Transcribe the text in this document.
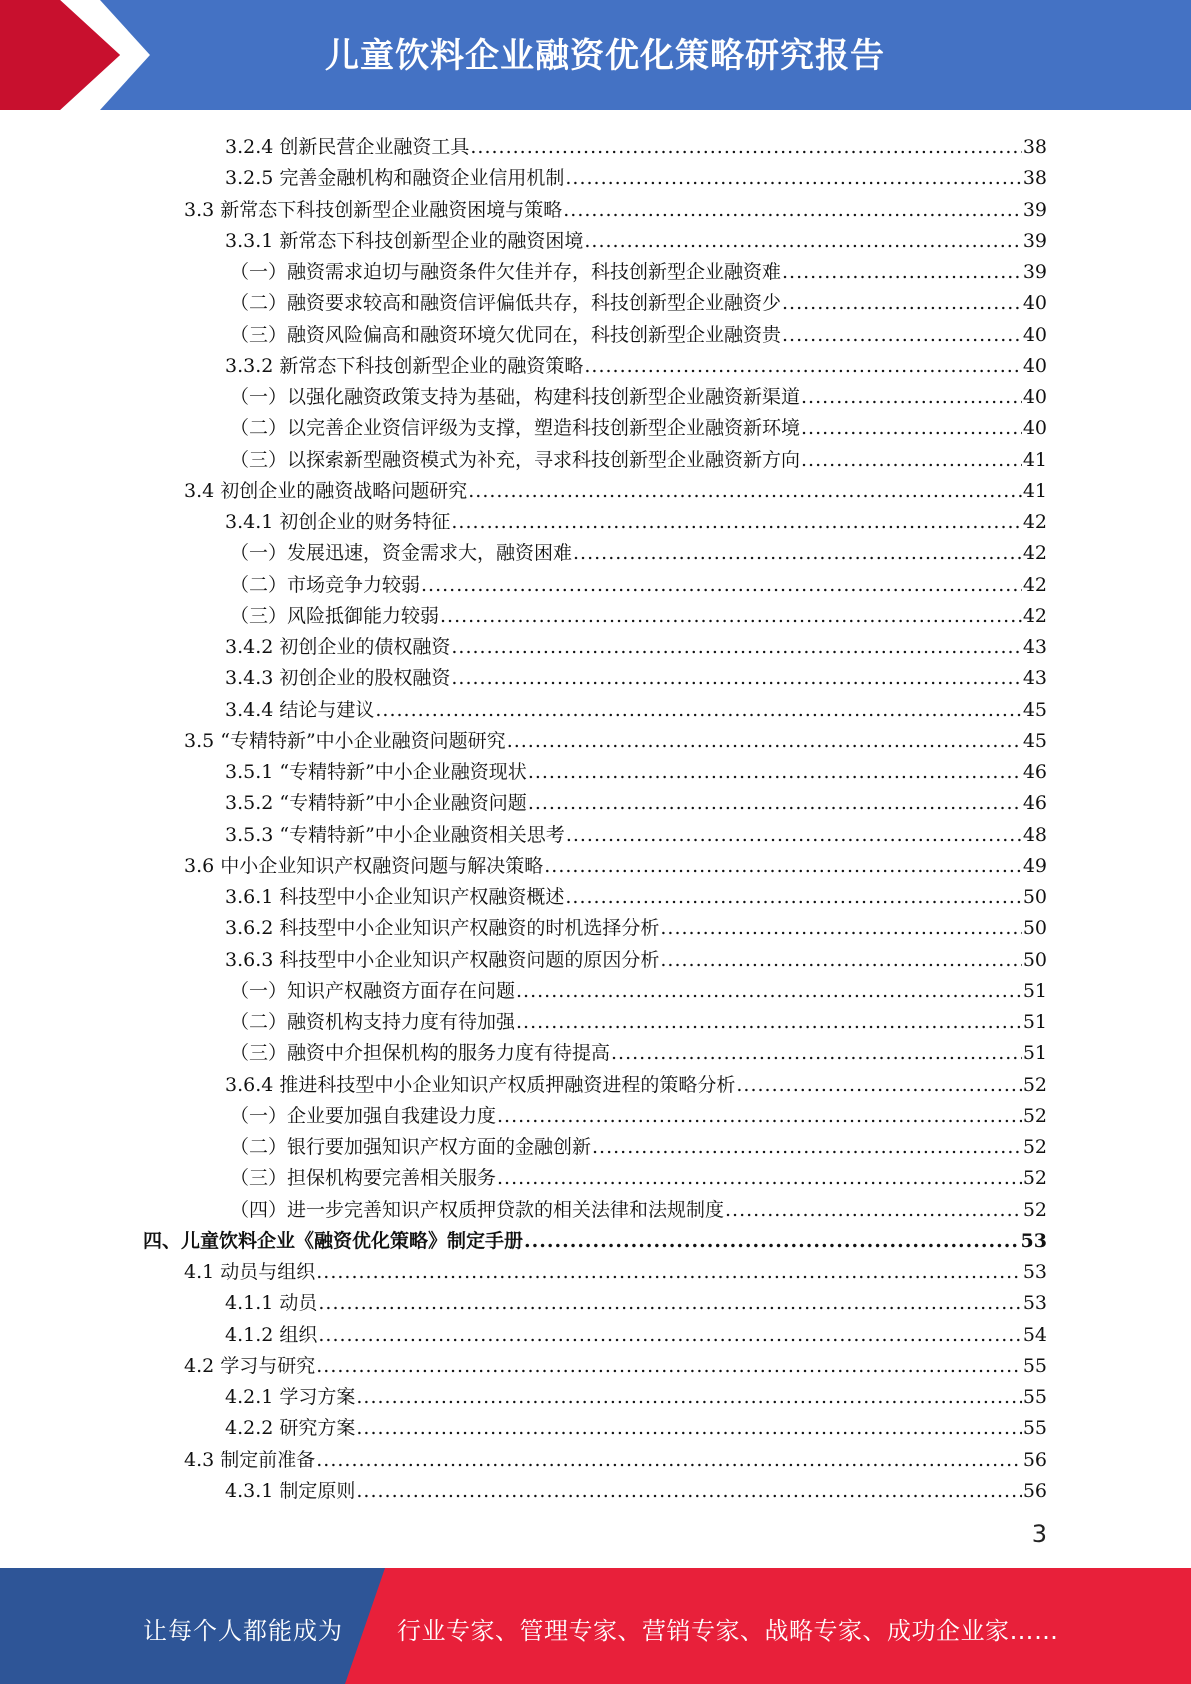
儿童饮料企业融资优化策略研究报告
3.2.4 创新民营企业融资工具 .....	38
3.2.5 完善金融机构和融资企业信用机制 .....	38
3.3 新常态下科技创新型企业融资困境与策略 .....	39
3.3.1 新常态下科技创新型企业的融资困境 .....	39
（一）融资需求迫切与融资条件欠佳并存，科技创新型企业融资难 .....	39
（二）融资要求较高和融资信评偏低共存，科技创新型企业融资少 .....	40
（三）融资风险偏高和融资环境欠优同在，科技创新型企业融资贵 .....	40
3.3.2 新常态下科技创新型企业的融资策略 .....	40
（一）以强化融资政策支持为基础，构建科技创新型企业融资新渠道 .....	40
（二）以完善企业资信评级为支撑，塑造科技创新型企业融资新环境 .....	40
（三）以探索新型融资模式为补充，寻求科技创新型企业融资新方向 .....	41
3.4 初创企业的融资战略问题研究 .....	41
3.4.1 初创企业的财务特征 .....	42
（一）发展迅速，资金需求大，融资困难 .....	42
（二）市场竞争力较弱 .....	42
（三）风险抵御能力较弱 .....	42
3.4.2 初创企业的债权融资 .....	43
3.4.3 初创企业的股权融资 .....	43
3.4.4 结论与建议 .....	45
3.5 “专精特新”中小企业融资问题研究 .....	45
3.5.1 “专精特新”中小企业融资现状 .....	46
3.5.2 “专精特新”中小企业融资问题 .....	46
3.5.3 “专精特新”中小企业融资相关思考 .....	48
3.6 中小企业知识产权融资问题与解决策略 .....	49
3.6.1 科技型中小企业知识产权融资概述 .....	50
3.6.2 科技型中小企业知识产权融资的时机选择分析 .....	50
3.6.3 科技型中小企业知识产权融资问题的原因分析 .....	50
（一）知识产权融资方面存在问题 .....	51
（二）融资机构支持力度有待加强 .....	51
（三）融资中介担保机构的服务力度有待提高 .....	51
3.6.4 推进科技型中小企业知识产权质押融资进程的策略分析 .....	52
（一）企业要加强自我建设力度 .....	52
（二）银行要加强知识产权方面的金融创新 .....	52
（三）担保机构要完善相关服务 .....	52
（四）进一步完善知识产权质押贷款的相关法律和法规制度 .....	52
四、儿童饮料企业《融资优化策略》制定手册 .....	53
4.1 动员与组织 .....	53
4.1.1 动员 .....	53
4.1.2 组织 .....	54
4.2 学习与研究 .....	55
4.2.1 学习方案 .....	55
4.2.2 研究方案 .....	55
4.3 制定前准备 .....	56
4.3.1 制定原则 .....	56
3
让每个人都能成为 行业专家、管理专家、营销专家、战略专家、成功企业家……
